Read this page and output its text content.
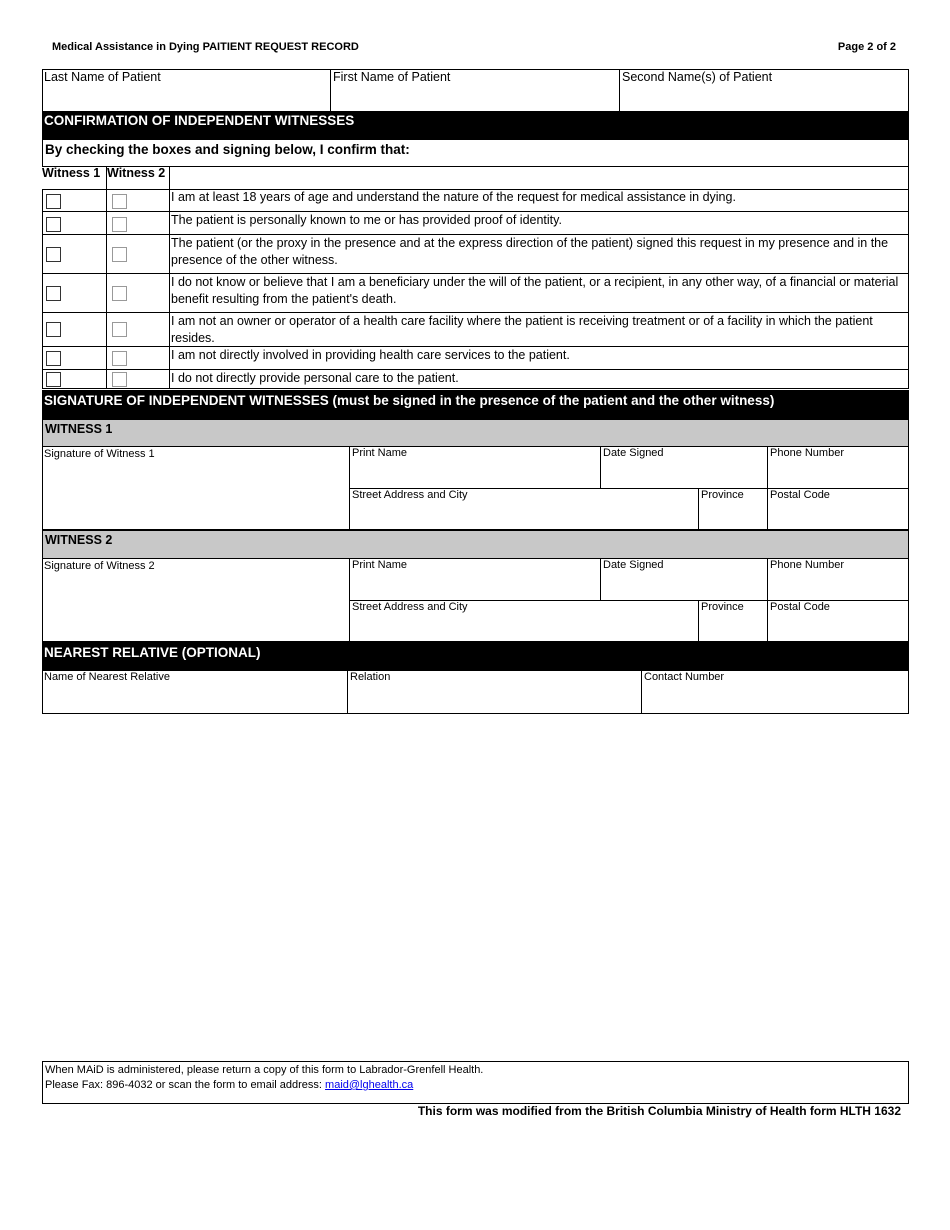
Medical Assistance in Dying PAITIENT REQUEST RECORD	Page 2 of 2
Last Name of Patient	First Name of Patient	Second Name(s) of Patient
CONFIRMATION OF INDEPENDENT WITNESSES
By checking the boxes and signing below, I confirm that:
Witness 1 Witness 2
I am at least 18 years of age and understand the nature of the request for medical assistance in dying.
The patient is personally known to me or has provided proof of identity.
The patient (or the proxy in the presence and at the express direction of the patient) signed this request in my presence and in the presence of the other witness.
I do not know or believe that I am a beneficiary under the will of the patient, or a recipient, in any other way, of a financial or material benefit resulting from the patient's death.
I am not an owner or operator of a health care facility where the patient is receiving treatment or of a facility in which the patient resides.
I am not directly involved in providing health care services to the patient.
I do not directly provide personal care to the patient.
SIGNATURE OF INDEPENDENT WITNESSES (must be signed in the presence of the patient and the other witness)
WITNESS 1
Signature of Witness 1	Print Name	Date Signed	Phone Number
Street Address and City	Province	Postal Code
WITNESS 2
Signature of Witness 2	Print Name	Date Signed	Phone Number
Street Address and City	Province	Postal Code
NEAREST RELATIVE (OPTIONAL)
Name of Nearest Relative	Relation	Contact Number
When MAiD is administered, please return a copy of this form to Labrador-Grenfell Health.
Please Fax: 896-4032 or scan the form to email address: maid@lghealth.ca
This form was modified from the British Columbia Ministry of Health form HLTH 1632
